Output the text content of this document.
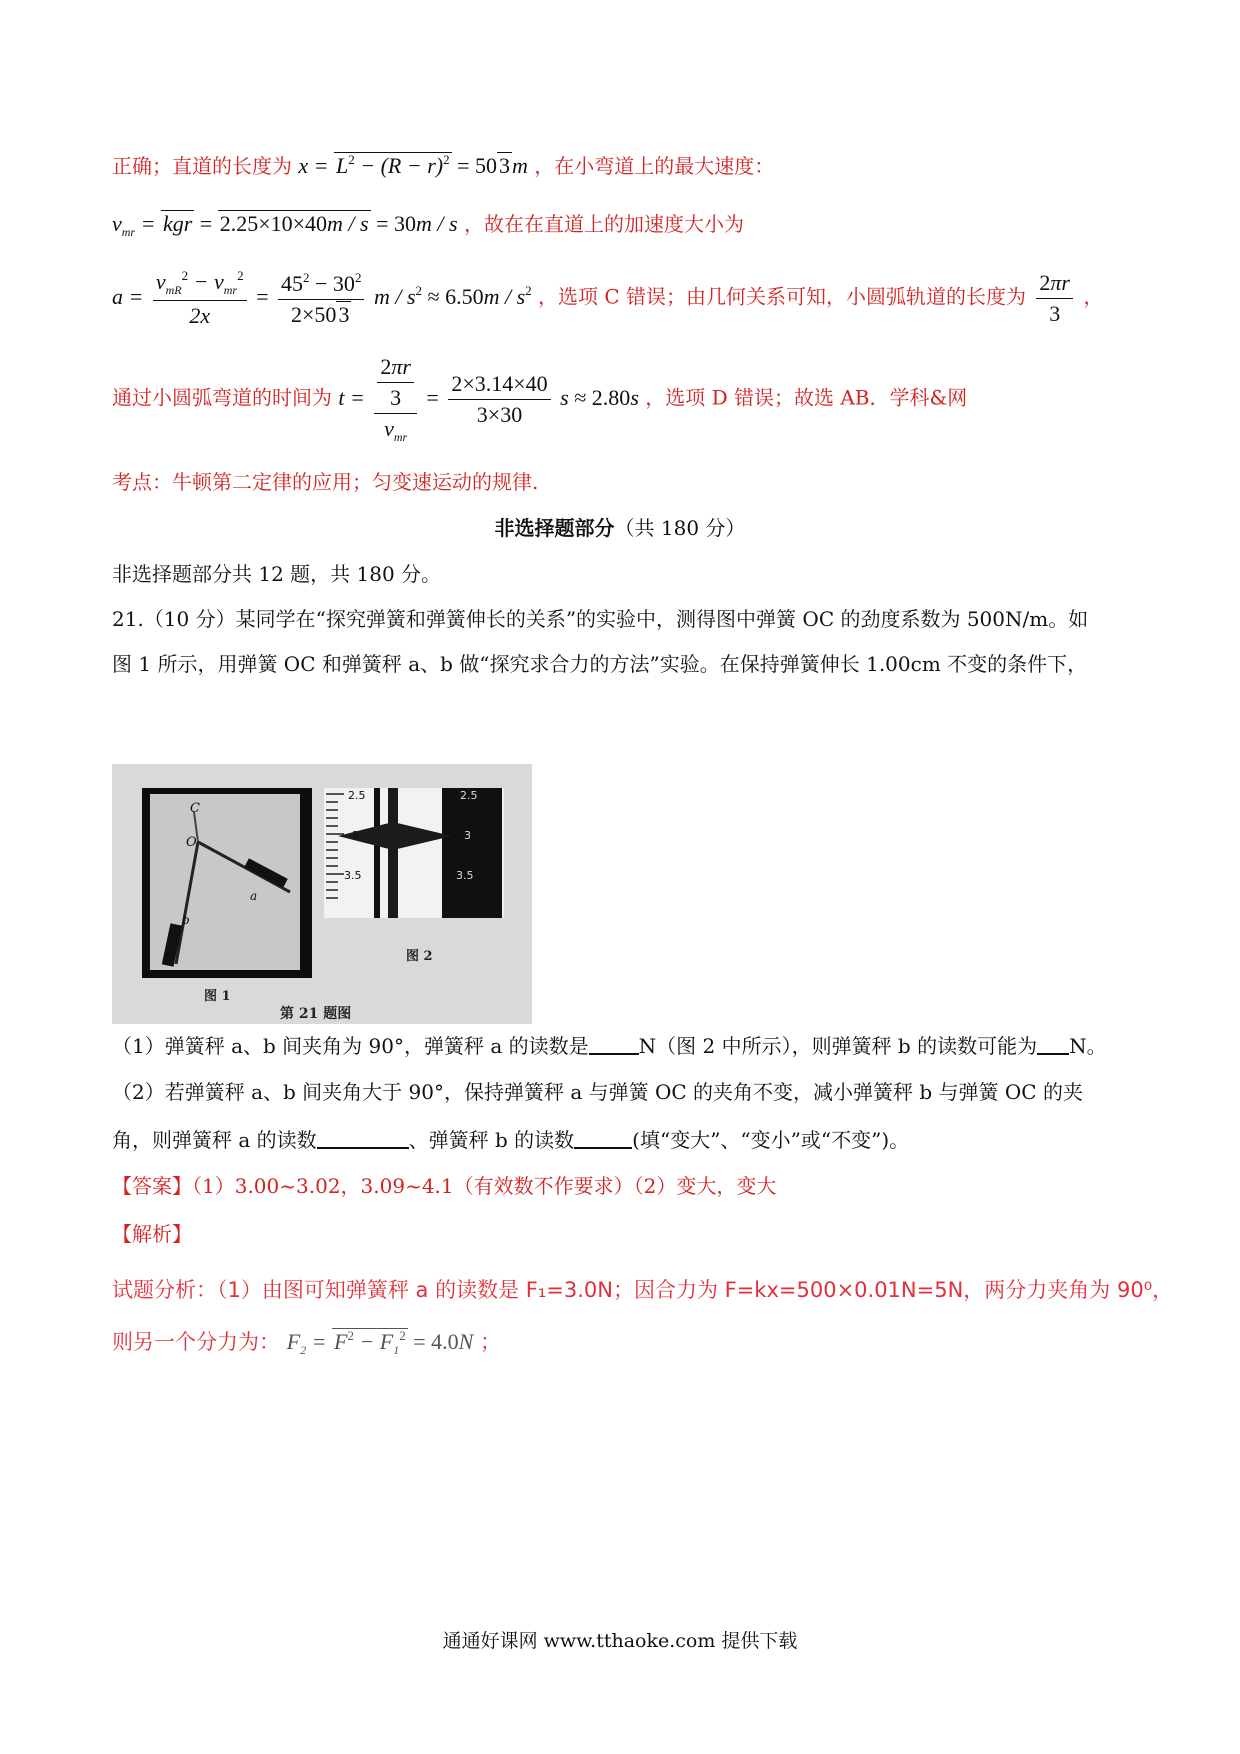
正确；直道的长度为 $x = L^2 - (R - r)^2 = 503m$ ，在小弯道上的最大速度：
$v_{mr}$ = kgr = 2.25×10×40m / s = 30m / s ，故在在直道上的加速度大小为
$a = \frac{v_{mR}^2 - v_{mr}^2}{2x} = \frac{45^2 - 30^2}{2\times 503}$ $m / s^2 \approx 6.50m / s^2$ ，选项 C 错误；由几何关系可知，小圆弧轨道的长度为 $\frac{2\pi r}{3}$ ，
通过小圆弧弯道的时间为 $t = \frac{\frac{2\pi r}{3}}{v_{mr}} = \frac{2\times 3.14\times 40}{3\times 30}$ s ≈ 2.80s ，选项 D 错误；故选 AB．学科&网
考点：牛顿第二定律的应用；匀变速运动的规律.
非选择题部分（共 180 分）
非选择题部分共 12 题，共 180 分。
21.（10 分）某同学在“探究弹簧和弹簧伸长的关系”的实验中，测得图中弹簧 OC 的劲度系数为 500N/m。如
图 1 所示，用弹簧 OC 和弹簧秤 a、b 做“探究求合力的方法”实验。在保持弹簧伸长 1.00cm 不变的条件下，
C
O
a
b
图 1
2.5
3
3.5
2.5
3
3.5
图 2
第 21 题图
（1）弹簧秤 a、b 间夹角为 90°，弹簧秤 a 的读数是	N（图 2 中所示），则弹簧秤 b 的读数可能为 N。
（2）若弹簧秤 a、b 间夹角大于 90°，保持弹簧秤 a 与弹簧 OC 的夹角不变，减小弹簧秤 b 与弹簧 OC 的夹
角，则弹簧秤 a 的读数	、弹簧秤 b 的读数	(填“变大”、“变小”或“不变”)。
【答案】（1）3.00~3.02，3.09~4.1（有效数不作要求）（2）变大，变大
【解析】
试题分析：（1）由图可知弹簧秤 a 的读数是 F₁=3.0N；因合力为 F=kx=500×0.01N=5N，两分力夹角为 90⁰，
则另一个分力为： $F_2 = F^2 - F_1^2 = 4.0N$ ；
通通好课网 www.tthaoke.com 提供下载
